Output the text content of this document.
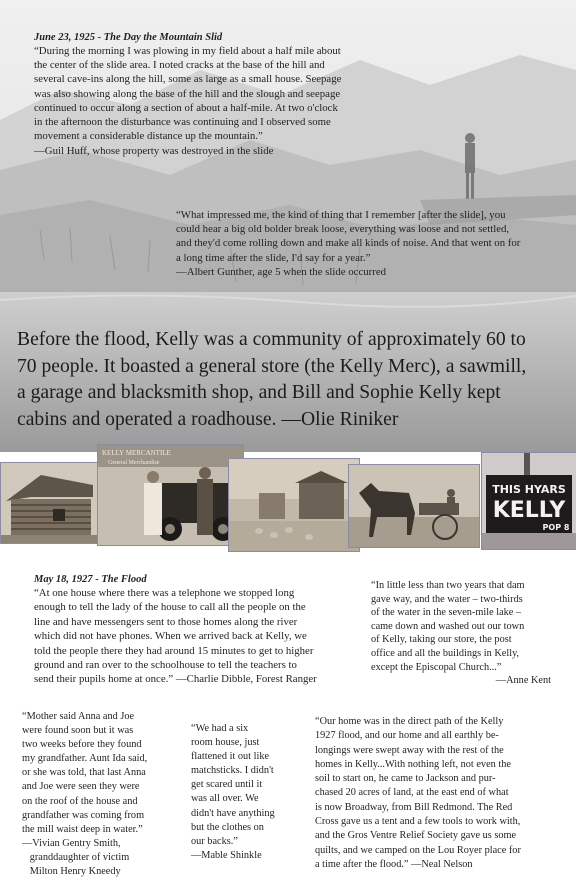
June 23, 1925 - The Day the Mountain Slid
“During the morning I was plowing in my field about a half mile about
the center of the slide area. I noted cracks at the base of the hill and
several cave-ins along the hill, some as large as a small house. Seepage
was also showing along the base of the hill and the slough and seepage
continued to occur along a section of about a half-mile. At two o'clock
in the afternoon the disturbance was continuing and I observed some
movement a considerable distance up the mountain.”
—Guil Huff, whose property was destroyed in the slide
“What impressed me, the kind of thing that I remember [after the slide], you
could hear a big old bolder break loose, everything was loose and not settled,
and they'd come rolling down and make all kinds of noise. And that went on for
a long time after the slide, I'd say for a year.”
—Albert Gunther, age 5 when the slide occurred
Before the flood, Kelly was a community of approximately 60 to
70 people. It boasted a general store (the Kelly Merc), a sawmill,
a garage and blacksmith shop, and Bill and Sophie Kelly kept
cabins and operated a roadhouse. —Olie Riniker
KELLY MERCANTILE
General Merchandise
THIS HYARS
KELLY
POP 8
May 18, 1927 - The Flood
“At one house where there was a telephone we stopped long
enough to tell the lady of the house to call all the people on the
line and have messengers sent to those homes along the river
which did not have phones. When we arrived back at Kelly, we
told the people there they had around 15 minutes to get to higher
ground and ran over to the schoolhouse to tell the teachers to
send their pupils home at once.” —Charlie Dibble, Forest Ranger
“In little less than two years that dam
gave way, and the water – two-thirds
of the water in the seven-mile lake –
came down and washed out our town
of Kelly, taking our store, the post
office and all the buildings in Kelly,
except the Episcopal Church...”
—Anne Kent
“Mother said Anna and Joe
were found soon but it was
two weeks before they found
my grandfather. Aunt Ida said,
or she was told, that last Anna
and Joe were seen they were
on the roof of the house and
grandfather was coming from
the mill waist deep in water.”
—Vivian Gentry Smith,
granddaughter of victim
Milton Henry Kneedy
“We had a six
room house, just
flattened it out like
matchsticks. I didn't
get scared until it
was all over. We
didn't have anything
but the clothes on
our backs.”
—Mable Shinkle
“Our home was in the direct path of the Kelly
1927 flood, and our home and all earthly be-
longings were swept away with the rest of the
homes in Kelly...With nothing left, not even the
soil to start on, he came to Jackson and pur-
chased 20 acres of land, at the east end of what
is now Broadway, from Bill Redmond. The Red
Cross gave us a tent and a few tools to work with,
and the Gros Ventre Relief Society gave us some
quilts, and we camped on the Lou Royer place for
a time after the flood.” —Neal Nelson
